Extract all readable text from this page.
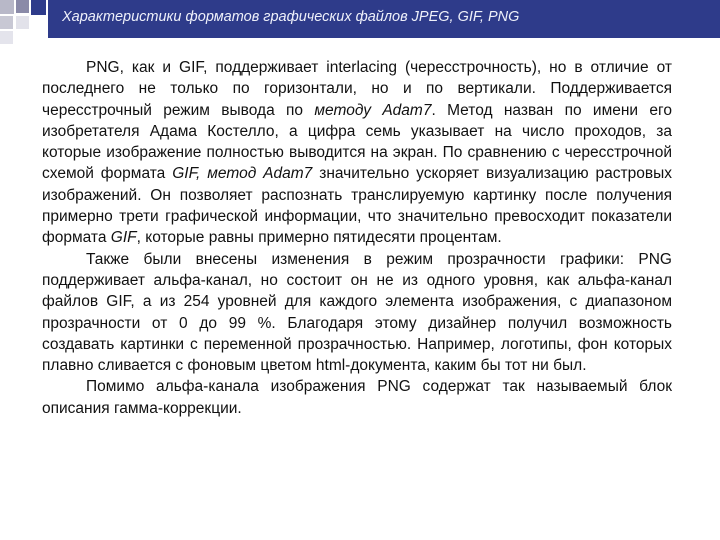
Характеристики форматов графических файлов JPEG, GIF, PNG

PNG, как и GIF, поддерживает interlacing (чересстрочность), но в отличие от последнего не только по горизонтали, но и по вертикали. Поддерживается чересстрочный режим вывода по методу Adam7. Метод назван по имени его изобретателя Адама Костелло, а цифра семь указывает на число проходов, за которые изображение полностью выводится на экран. По сравнению с чересстрочной схемой формата GIF, метод Adam7 значительно ускоряет визуализацию растровых изображений. Он позволяет распознать транслируемую картинку после получения примерно трети графической информации, что значительно превосходит показатели формата GIF, которые равны примерно пятидесяти процентам.

Также были внесены изменения в режим прозрачности графики: PNG поддерживает альфа-канал, но состоит он не из одного уровня, как альфа-канал файлов GIF, а из 254 уровней для каждого элемента изображения, с диапазоном прозрачности от 0 до 99 %. Благодаря этому дизайнер получил возможность создавать картинки с переменной прозрачностью. Например, логотипы, фон которых плавно сливается с фоновым цветом html-документа, каким бы тот ни был.

Помимо альфа-канала изображения PNG содержат так называемый блок описания гамма-коррекции.
